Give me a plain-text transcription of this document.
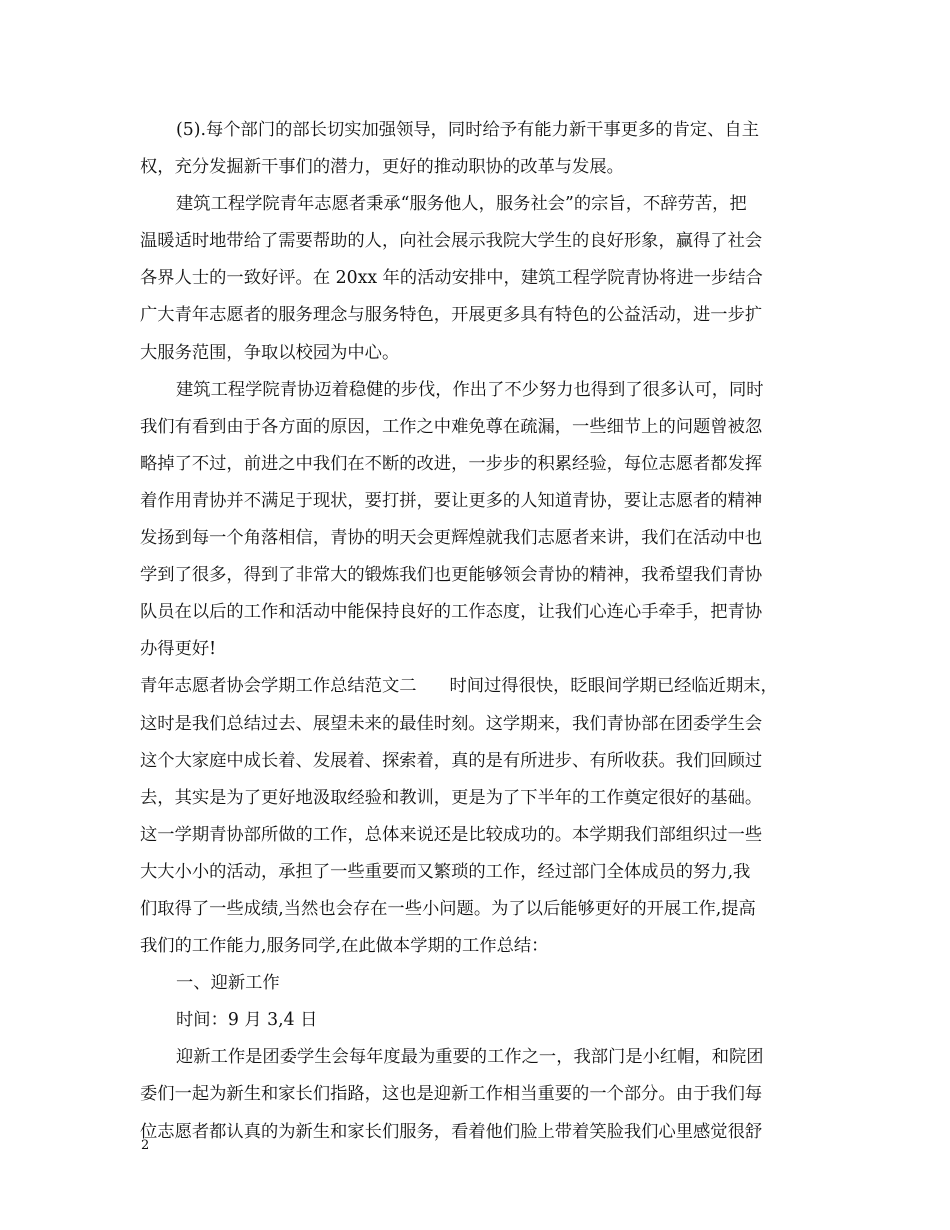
(5).每个部门的部长切实加强领导，同时给予有能力新干事更多的肯定、自主
权，充分发掘新干事们的潜力，更好的推动职协的改革与发展。
建筑工程学院青年志愿者秉承“服务他人，服务社会”的宗旨，不辞劳苦，把
温暖适时地带给了需要帮助的人，向社会展示我院大学生的良好形象，赢得了社会
各界人士的一致好评。在 20xx 年的活动安排中，建筑工程学院青协将进一步结合
广大青年志愿者的服务理念与服务特色，开展更多具有特色的公益活动，进一步扩
大服务范围，争取以校园为中心。
建筑工程学院青协迈着稳健的步伐，作出了不少努力也得到了很多认可，同时
我们有看到由于各方面的原因，工作之中难免尊在疏漏，一些细节上的问题曾被忽
略掉了不过，前进之中我们在不断的改进，一步步的积累经验，每位志愿者都发挥
着作用青协并不满足于现状，要打拼，要让更多的人知道青协，要让志愿者的精神
发扬到每一个角落相信，青协的明天会更辉煌就我们志愿者来讲，我们在活动中也
学到了很多，得到了非常大的锻炼我们也更能够领会青协的精神，我希望我们青协
队员在以后的工作和活动中能保持良好的工作态度，让我们心连心手牵手，把青协
办得更好!
青年志愿者协会学期工作总结范文二      时间过得很快，眨眼间学期已经临近期末，
这时是我们总结过去、展望未来的最佳时刻。这学期来，我们青协部在团委学生会
这个大家庭中成长着、发展着、探索着，真的是有所进步、有所收获。我们回顾过
去，其实是为了更好地汲取经验和教训，更是为了下半年的工作奠定很好的基础。
这一学期青协部所做的工作，总体来说还是比较成功的。本学期我们部组织过一些
大大小小的活动，承担了一些重要而又繁琐的工作，经过部门全体成员的努力,我
们取得了一些成绩,当然也会存在一些小问题。为了以后能够更好的开展工作,提高
我们的工作能力,服务同学,在此做本学期的工作总结：
一、迎新工作
时间：9 月 3,4 日
迎新工作是团委学生会每年度最为重要的工作之一，我部门是小红帽，和院团
委们一起为新生和家长们指路，这也是迎新工作相当重要的一个部分。由于我们每
位志愿者都认真的为新生和家长们服务，看着他们脸上带着笑脸我们心里感觉很舒
2
